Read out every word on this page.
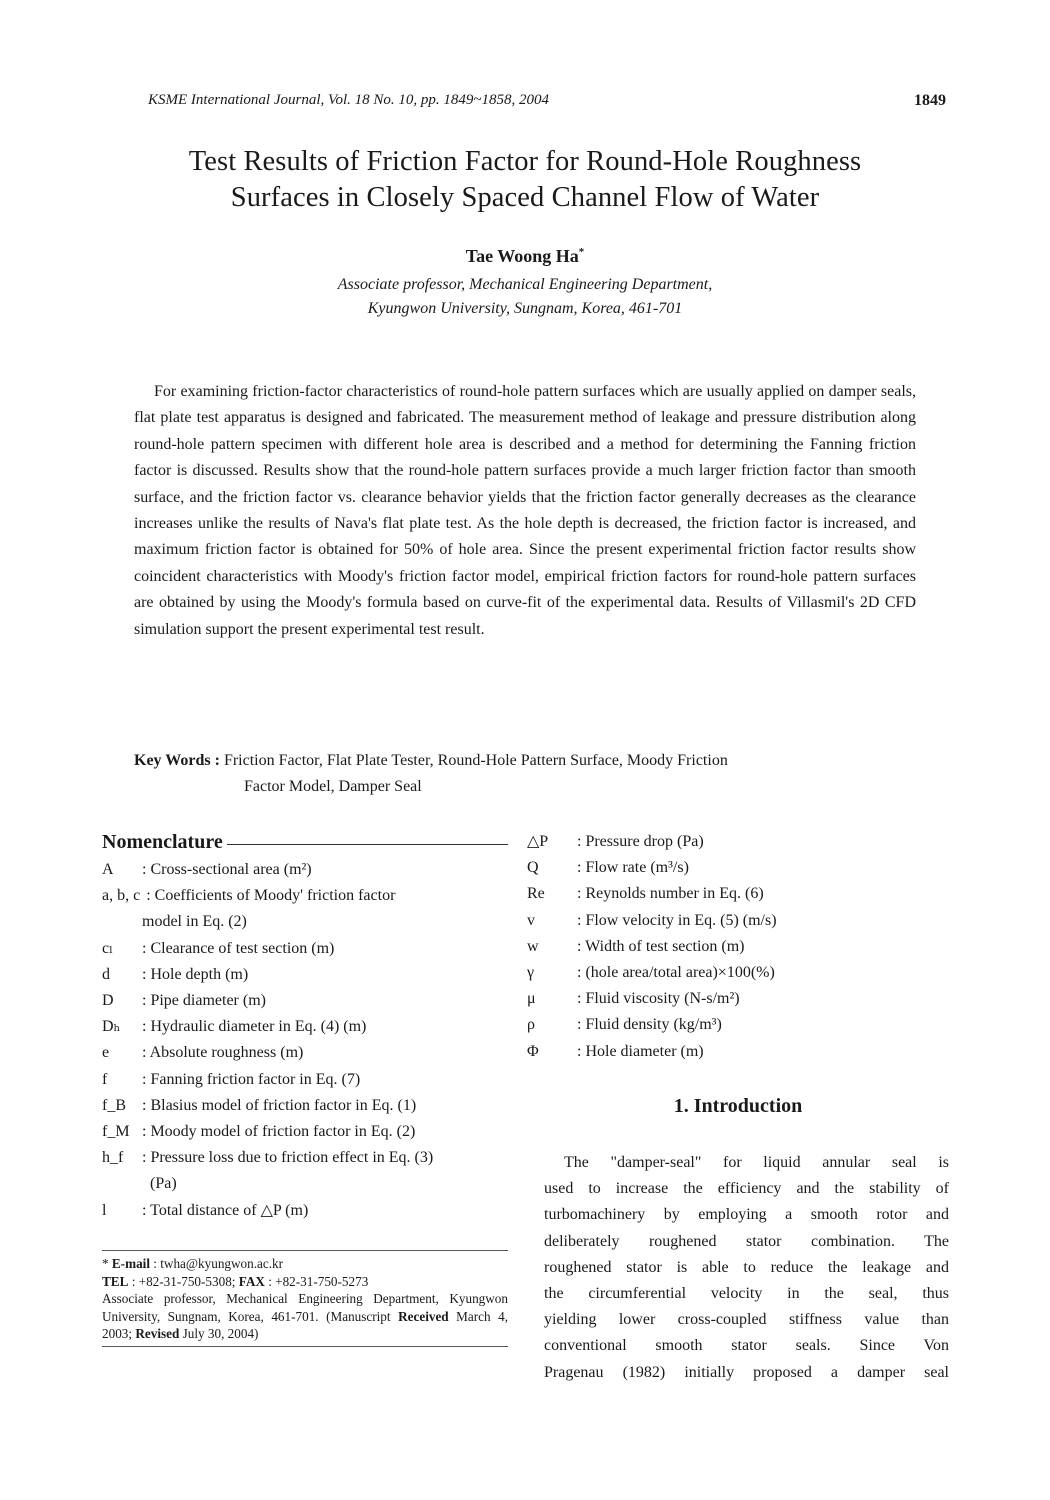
KSME International Journal, Vol. 18 No. 10, pp. 1849~1858, 2004	1849
Test Results of Friction Factor for Round-Hole Roughness
Surfaces in Closely Spaced Channel Flow of Water
Tae Woong Ha*
Associate professor, Mechanical Engineering Department,
Kyungwon University, Sungnam, Korea, 461-701

For examining friction-factor characteristics of round-hole pattern surfaces which are usually applied on damper seals, flat plate test apparatus is designed and fabricated. The measurement method of leakage and pressure distribution along round-hole pattern specimen with different hole area is described and a method for determining the Fanning friction factor is discussed. Results show that the round-hole pattern surfaces provide a much larger friction factor than smooth surface, and the friction factor vs. clearance behavior yields that the friction factor generally decreases as the clearance increases unlike the results of Nava's flat plate test. As the hole depth is decreased, the friction factor is increased, and maximum friction factor is obtained for 50% of hole area. Since the present experimental friction factor results show coincident characteristics with Moody's friction factor model, empirical friction factors for round-hole pattern surfaces are obtained by using the Moody's formula based on curve-fit of the experimental data. Results of Villasmil's 2D CFD simulation support the present experimental test result.

Key Words :
Friction Factor, Flat Plate Tester, Round-Hole Pattern Surface, Moody Friction
Factor Model, Damper Seal
Nomenclature
A	: Cross-sectional area (m²)
a, b, c : Coefficients of Moody' friction factor
model in Eq. (2)
cₗ	: Clearance of test section (m)
d	: Hole depth (m)
D	: Pipe diameter (m)
Dₕ	: Hydraulic diameter in Eq. (4) (m)
e	: Absolute roughness (m)
f	: Fanning friction factor in Eq. (7)
f_B	: Blasius model of friction factor in Eq. (1)
f_M : Moody model of friction factor in Eq. (2)
h_f	: Pressure loss due to friction effect in Eq. (3)
(Pa)
l	: Total distance of △P (m)
* E-mail : twha@kyungwon.ac.kr
TEL : +82-31-750-5308; FAX : +82-31-750-5273
Associate professor, Mechanical Engineering Department, Kyungwon University, Sungnam, Korea, 461-701. (Manuscript Received March 4, 2003; Revised July 30, 2004)
△P	: Pressure drop (Pa)
Q	: Flow rate (m³/s)
Re	: Reynolds number in Eq. (6)
v	: Flow velocity in Eq. (5) (m/s)
w	: Width of test section (m)
γ	: (hole area/total area)×100(%)
μ	: Fluid viscosity (N-s/m²)
ρ	: Fluid density (kg/m³)
Φ	: Hole diameter (m)
1. Introduction
The "damper-seal" for liquid annular seal is
used to increase the efficiency and the stability of
turbomachinery by employing a smooth rotor and
deliberately roughened stator combination. The
roughened stator is able to reduce the leakage and
the circumferential velocity in the seal, thus
yielding lower cross-coupled stiffness value than
conventional smooth stator seals. Since Von
Pragenau (1982) initially proposed a damper seal
